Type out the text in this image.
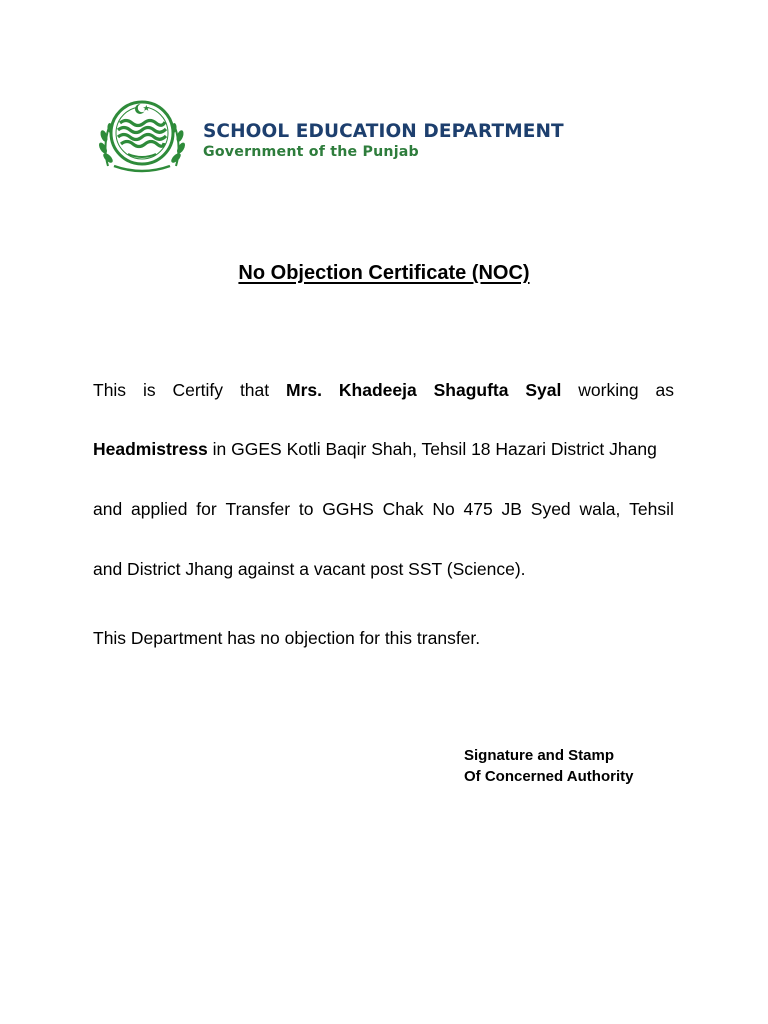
SCHOOL EDUCATION DEPARTMENT
Government of the Punjab
No Objection Certificate (NOC)
This is Certify that Mrs. Khadeeja Shagufta Syal working as
Headmistress in GGES Kotli Baqir Shah, Tehsil 18 Hazari District Jhang
and applied for Transfer to GGHS Chak No 475 JB Syed wala, Tehsil
and District Jhang against a vacant post SST (Science).
This Department has no objection for this transfer.
Signature and Stamp
Of Concerned Authority
